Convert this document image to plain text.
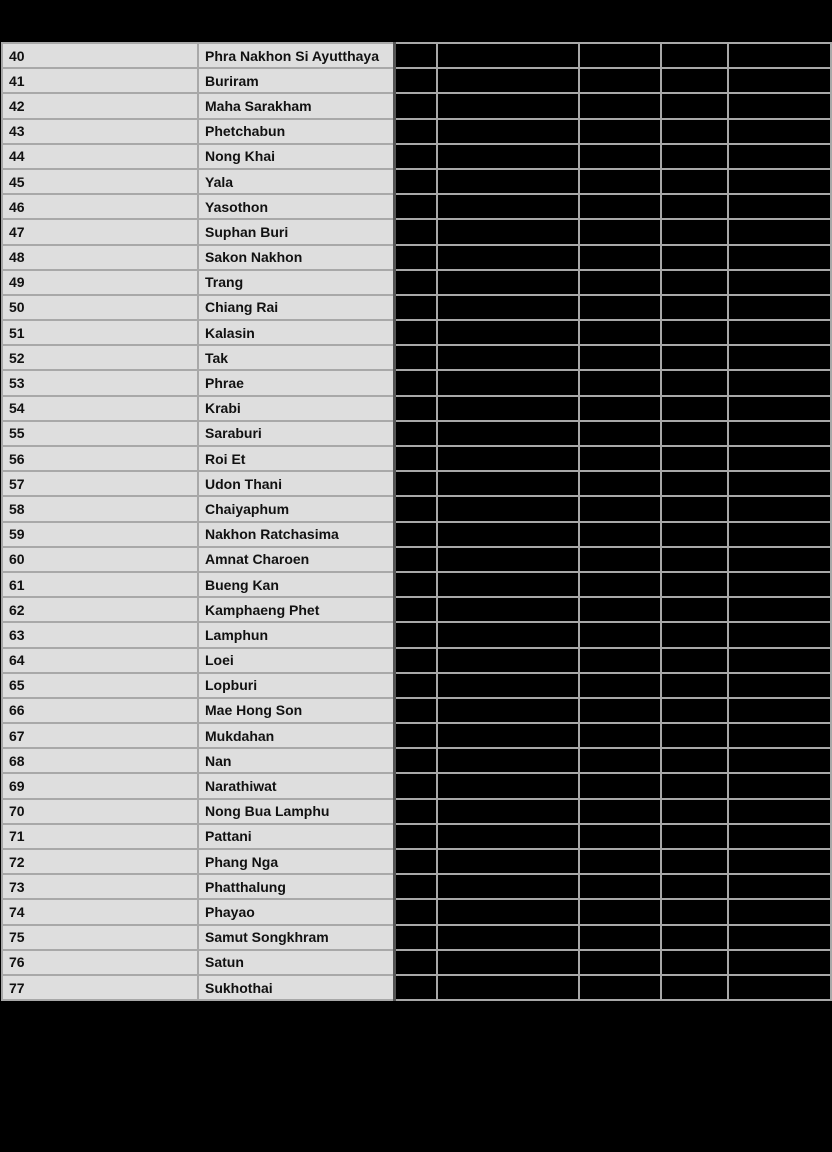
40	Phra Nakhon Si Ayutthaya					
41	Buriram					
42	Maha Sarakham					
43	Phetchabun					
44	Nong Khai					
45	Yala					
46	Yasothon					
47	Suphan Buri					
48	Sakon Nakhon					
49	Trang					
50	Chiang Rai					
51	Kalasin					
52	Tak					
53	Phrae					
54	Krabi					
55	Saraburi					
56	Roi Et					
57	Udon Thani					
58	Chaiyaphum					
59	Nakhon Ratchasima					
60	Amnat Charoen					
61	Bueng Kan					
62	Kamphaeng Phet					
63	Lamphun					
64	Loei					
65	Lopburi					
66	Mae Hong Son					
67	Mukdahan					
68	Nan					
69	Narathiwat					
70	Nong Bua Lamphu					
71	Pattani					
72	Phang Nga					
73	Phatthalung					
74	Phayao					
75	Samut Songkhram					
76	Satun					
77	Sukhothai					
